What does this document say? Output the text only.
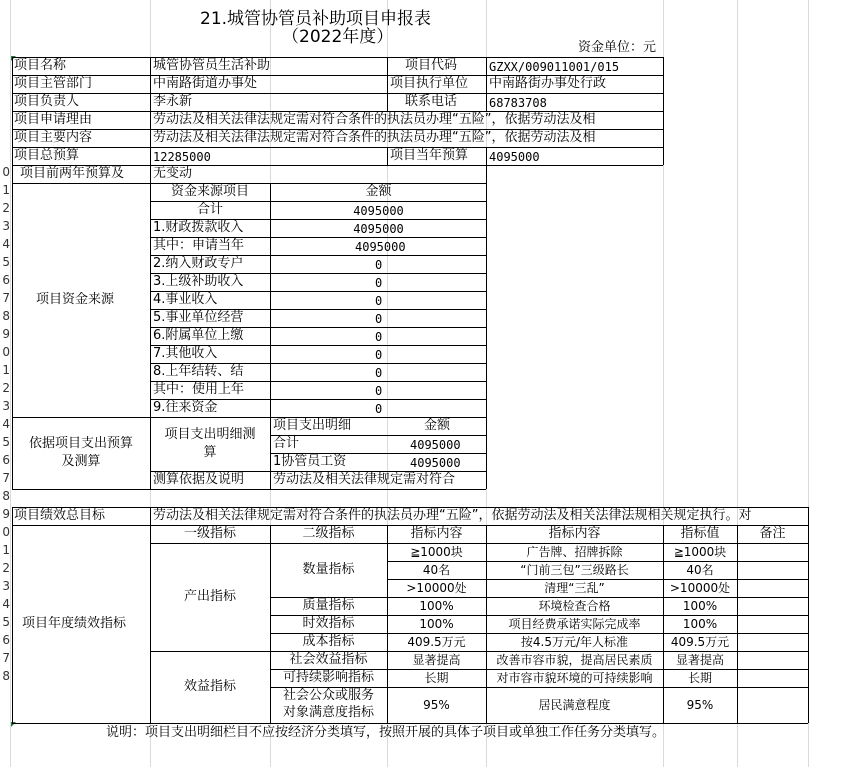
0
1
2
3
4
5
6
7
8
9
0
1
2
3
4
5
6
7
8
9
0
1
2
3
4
5
6
7
8
21.城管协管员补助项目申报表
（2022年度）
资金单位：元
项目名称	城管协管员生活补助	项目代码	GZXX/009011001/015
项目主管部门	中南路街道办事处	项目执行单位 中南路街办事处行政
项目负责人	李永新	联系电话	68783708
项目申请理由	劳动法及相关法律法规定需对符合条件的执法员办理“五险”，依据劳动法及相
项目主要内容	劳动法及相关法律法规定需对符合条件的执法员办理“五险”，依据劳动法及相
项目总预算	12285000	项目当年预算 4095000
项目前两年预算及 无变动
项目资金来源
资金来源项目	金额
合计	4095000
1.财政拨款收入	4095000
其中：申请当年	4095000
2.纳入财政专户	0
3.上级补助收入	0
4.事业收入	0
5.事业单位经营	0
6.附属单位上缴	0
7.其他收入	0
8.上年结转、结	0
其中：使用上年	0
9.往来资金	0
依据项目支出预算
及测算
项目支出明细测
算
项目支出明细	金额
合计	4095000
1协管员工资	4095000
测算依据及说明 劳动法及相关法律规定需对符合
项目绩效总目标	劳动法及相关法律规定需对符合条件的执法员办理“五险”，依据劳动法及相关法律法规相关规定执行。对
项目年度绩效指标
一级指标	二级指标	指标内容	指标内容	指标值	备注
产出指标
效益指标
数量指标
≧1000块	广告牌、招牌拆除	≧1000块
40名	“门前三包”三级路长	40名
>10000处	清理“三乱”	>10000处
质量指标	100%	环境检查合格	100%
时效指标	100%	项目经费承诺实际完成率	100%
成本指标	409.5万元	按4.5万元/年人标准	409.5万元
社会效益指标	显著提高	改善市容市貌，提高居民素质	显著提高
可持续影响指标	长期	对市容市貌环境的可持续影响	长期
社会公众或服务
对象满意度指标	95%	居民满意程度	95%
说明：项目支出明细栏目不应按经济分类填写，按照开展的具体子项目或单独工作任务分类填写。
